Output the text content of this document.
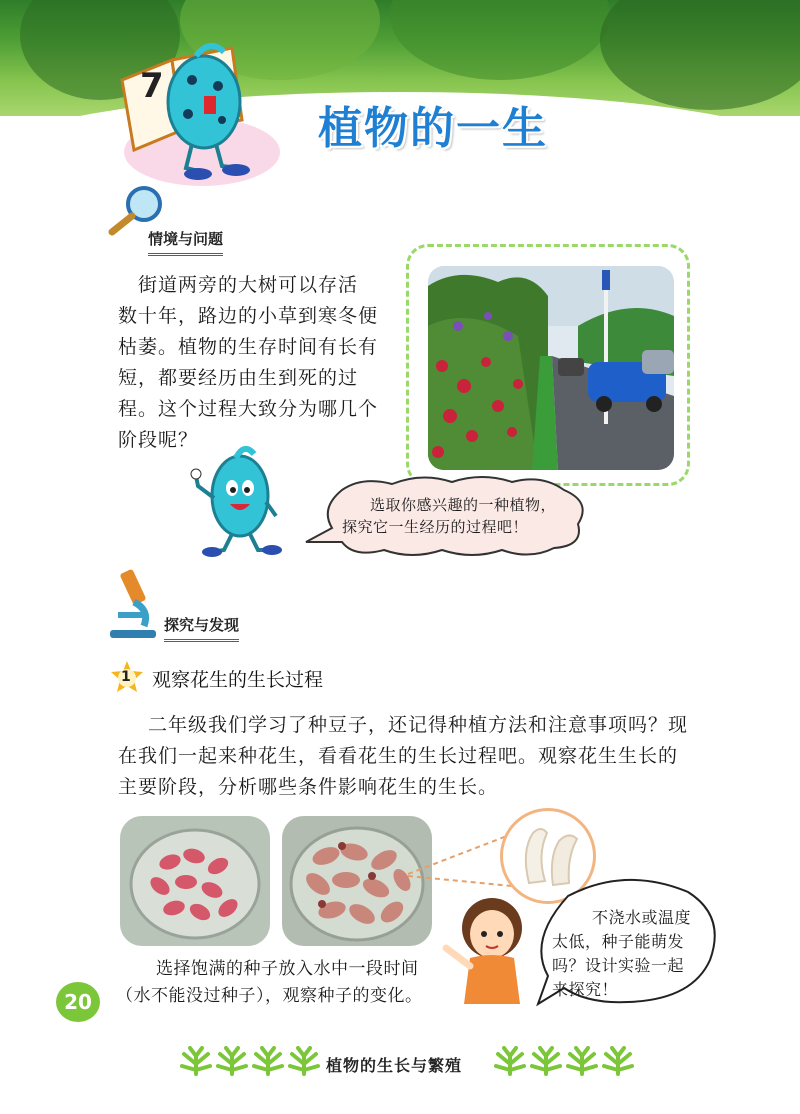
7
植物的一生
情境与问题
街道两旁的大树可以存活
数十年，路边的小草到寒冬便
枯萎。植物的生存时间有长有
短，都要经历由生到死的过
程。这个过程大致分为哪几个
阶段呢？
选取你感兴趣的一种植物，
探究它一生经历的过程吧！
探究与发现
1 观察花生的生长过程
二年级我们学习了种豆子，还记得种植方法和注意事项吗？现
在我们一起来种花生，看看花生的生长过程吧。观察花生生长的
主要阶段，分析哪些条件影响花生的生长。
不浇水或温度
太低，种子能萌发
吗？设计实验一起
来探究！
选择饱满的种子放入水中一段时间
（水不能没过种子），观察种子的变化。
20
植物的生长与繁殖
